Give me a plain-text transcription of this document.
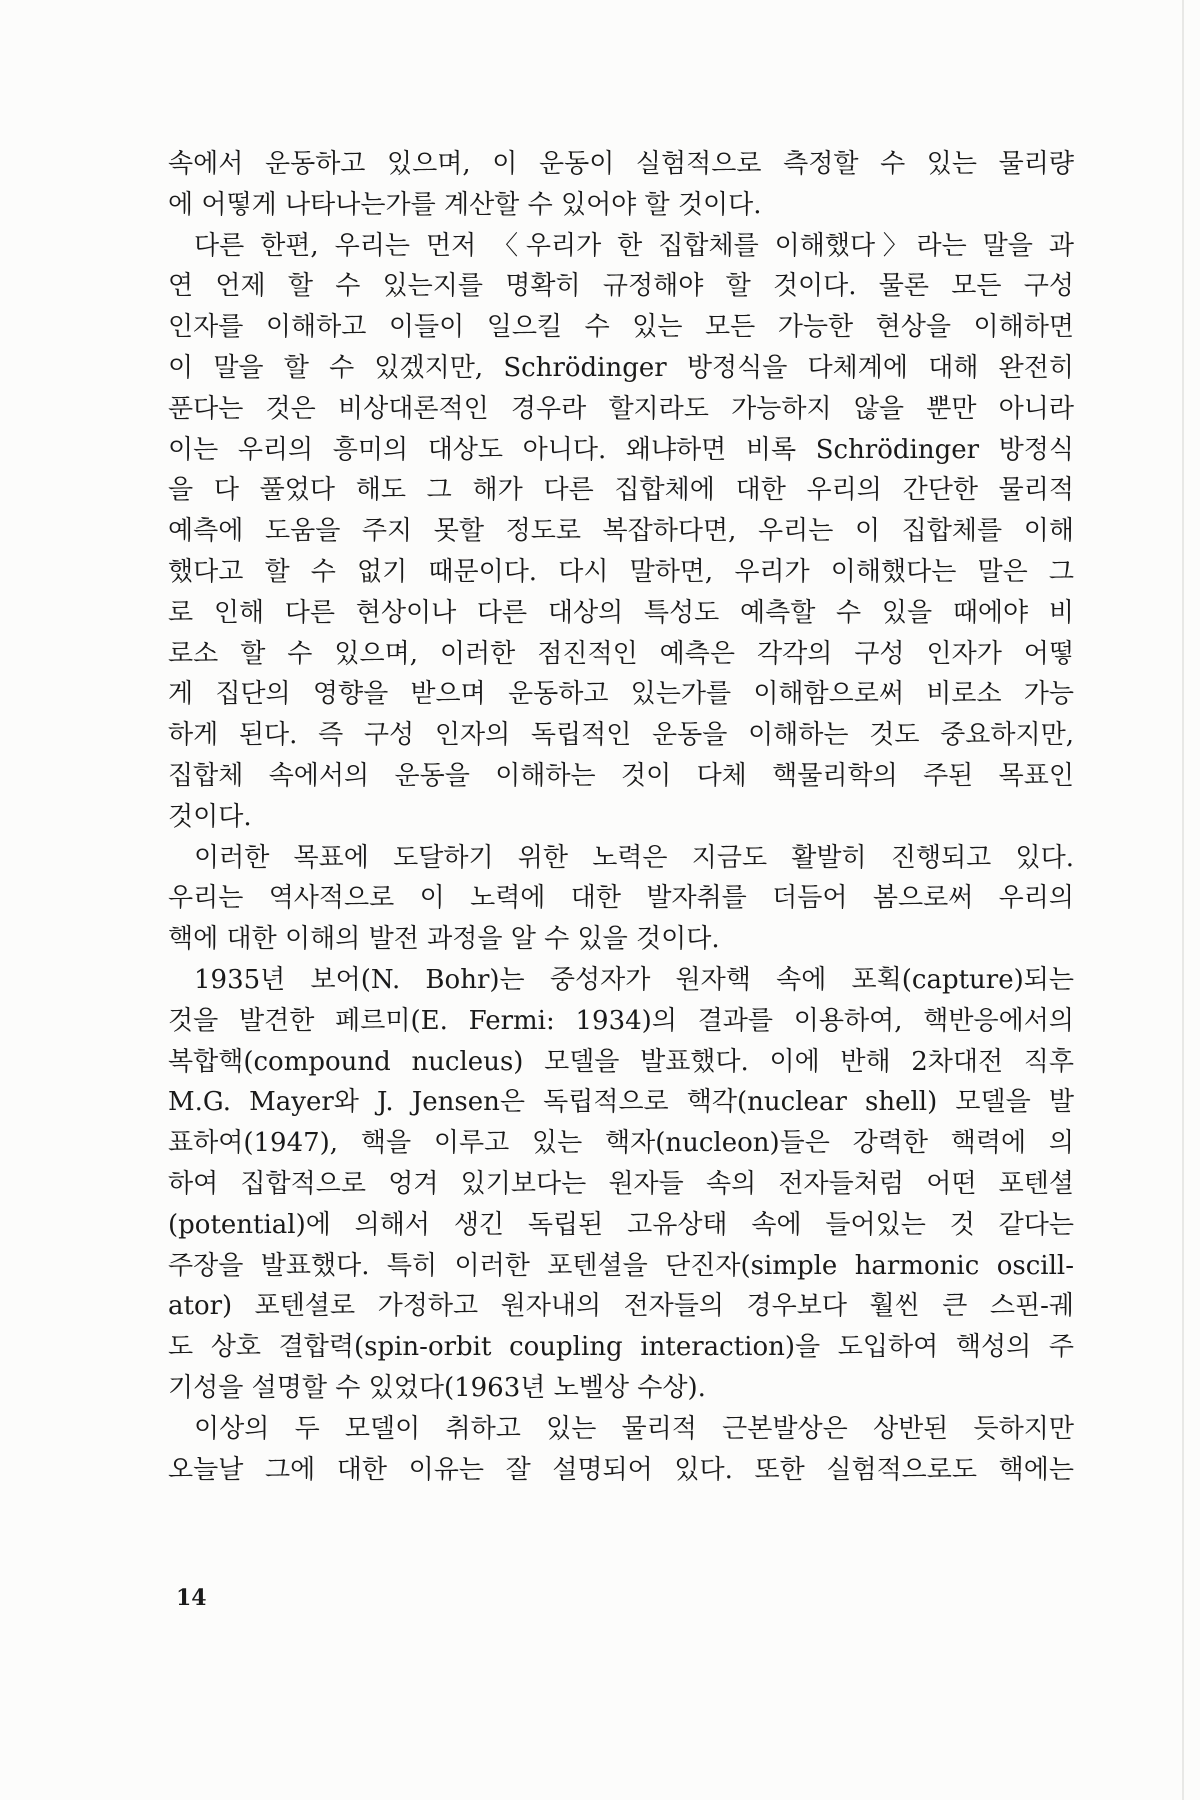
속에서 운동하고 있으며, 이 운동이 실험적으로 측정할 수 있는 물리량
에 어떻게 나타나는가를 계산할 수 있어야 할 것이다.
다른 한편, 우리는 먼저 〈우리가 한 집합체를 이해했다〉라는 말을 과
연 언제 할 수 있는지를 명확히 규정해야 할 것이다. 물론 모든 구성
인자를 이해하고 이들이 일으킬 수 있는 모든 가능한 현상을 이해하면
이 말을 할 수 있겠지만, Schrödinger 방정식을 다체계에 대해 완전히
푼다는 것은 비상대론적인 경우라 할지라도 가능하지 않을 뿐만 아니라
이는 우리의 흥미의 대상도 아니다. 왜냐하면 비록 Schrödinger 방정식
을 다 풀었다 해도 그 해가 다른 집합체에 대한 우리의 간단한 물리적
예측에 도움을 주지 못할 정도로 복잡하다면, 우리는 이 집합체를 이해
했다고 할 수 없기 때문이다. 다시 말하면, 우리가 이해했다는 말은 그
로 인해 다른 현상이나 다른 대상의 특성도 예측할 수 있을 때에야 비
로소 할 수 있으며, 이러한 점진적인 예측은 각각의 구성 인자가 어떻
게 집단의 영향을 받으며 운동하고 있는가를 이해함으로써 비로소 가능
하게 된다. 즉 구성 인자의 독립적인 운동을 이해하는 것도 중요하지만,
집합체 속에서의 운동을 이해하는 것이 다체 핵물리학의 주된 목표인
것이다.
이러한 목표에 도달하기 위한 노력은 지금도 활발히 진행되고 있다.
우리는 역사적으로 이 노력에 대한 발자취를 더듬어 봄으로써 우리의
핵에 대한 이해의 발전 과정을 알 수 있을 것이다.
1935년 보어(N. Bohr)는 중성자가 원자핵 속에 포획(capture)되는
것을 발견한 페르미(E. Fermi: 1934)의 결과를 이용하여, 핵반응에서의
복합핵(compound nucleus) 모델을 발표했다. 이에 반해 2차대전 직후
M.G. Mayer와 J. Jensen은 독립적으로 핵각(nuclear shell) 모델을 발
표하여(1947), 핵을 이루고 있는 핵자(nucleon)들은 강력한 핵력에 의
하여 집합적으로 엉겨 있기보다는 원자들 속의 전자들처럼 어떤 포텐셜
(potential)에 의해서 생긴 독립된 고유상태 속에 들어있는 것 같다는
주장을 발표했다. 특히 이러한 포텐셜을 단진자(simple harmonic oscill-
ator) 포텐셜로 가정하고 원자내의 전자들의 경우보다 훨씬 큰 스핀-궤
도 상호 결합력(spin-orbit coupling interaction)을 도입하여 핵성의 주
기성을 설명할 수 있었다(1963년 노벨상 수상).
이상의 두 모델이 취하고 있는 물리적 근본발상은 상반된 듯하지만
오늘날 그에 대한 이유는 잘 설명되어 있다. 또한 실험적으로도 핵에는
14
